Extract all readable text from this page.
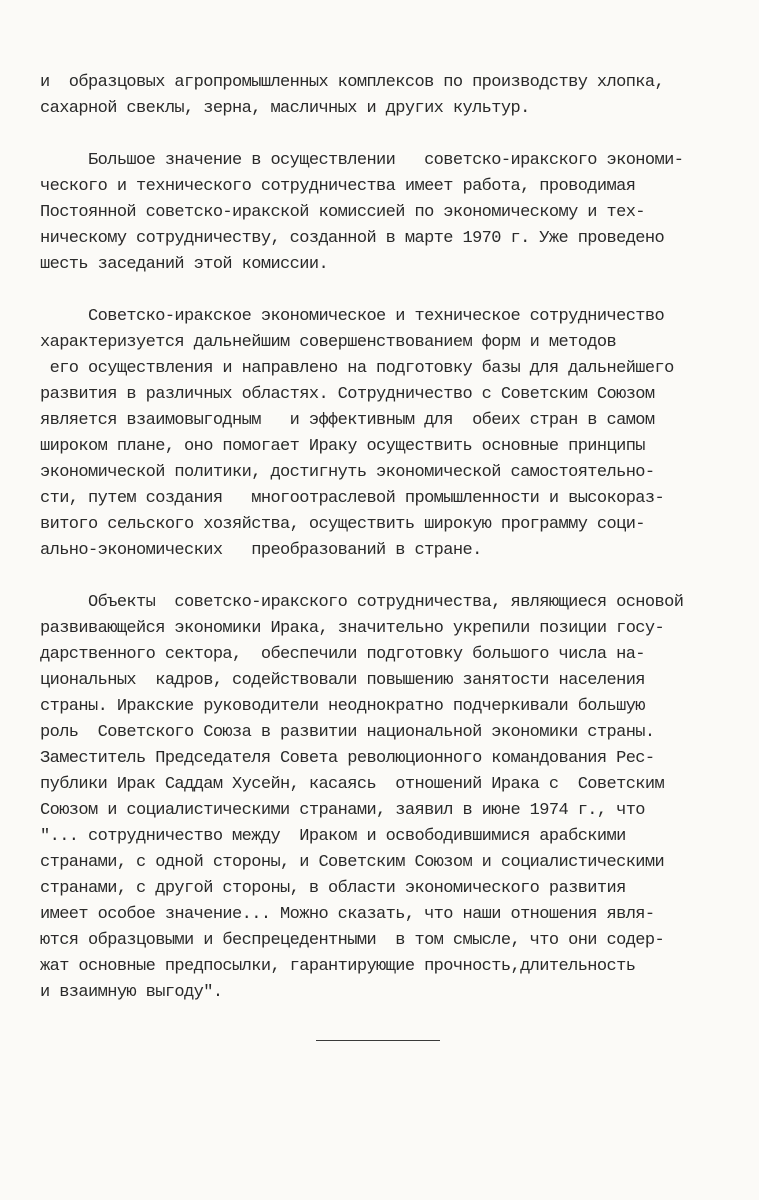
и  образцовых агропромышленных комплексов по производству хлопка,
сахарной свеклы, зерна, масличных и других культур.
Большое значение в осуществлении   советско-иракского экономи-
ческого и технического сотрудничества имеет работа, проводимая
Постоянной советско-иракской комиссией по экономическому и тех-
ническому сотрудничеству, созданной в марте 1970 г. Уже проведено
шесть заседаний этой комиссии.
Советско-иракское экономическое и техническое сотрудничество
характеризуется дальнейшим совершенствованием форм и методов
его осуществления и направлено на подготовку базы для дальнейшего
развития в различных областях. Сотрудничество с Советским Союзом
является взаимовыгодным   и эффективным для  обеих стран в самом
широком плане, оно помогает Ираку осуществить основные принципы
экономической политики, достигнуть экономической самостоятельно-
сти, путем создания   многоотраслевой промышленности и высокораз-
витого сельского хозяйства, осуществить широкую программу соци-
ально-экономических   преобразований в стране.
Объекты  советско-иракского сотрудничества, являющиеся основой
развивающейся экономики Ирака, значительно укрепили позиции госу-
дарственного сектора,  обеспечили подготовку большого числа на-
циональных  кадров, содействовали повышению занятости населения
страны. Иракские руководители неоднократно подчеркивали большую
роль  Советского Союза в развитии национальной экономики страны.
Заместитель Председателя Совета революционного командования Рес-
публики Ирак Саддам Хусейн, касаясь  отношений Ирака с  Советским
Союзом и социалистическими странами, заявил в июне 1974 г., что
"... сотрудничество между  Ираком и освободившимися арабскими
странами, с одной стороны, и Советским Союзом и социалистическими
странами, с другой стороны, в области экономического развития
имеет особое значение... Можно сказать, что наши отношения явля-
ются образцовыми и беспрецедентными  в том смысле, что они содер-
жат основные предпосылки, гарантирующие прочность,длительность
и взаимную выгоду".
